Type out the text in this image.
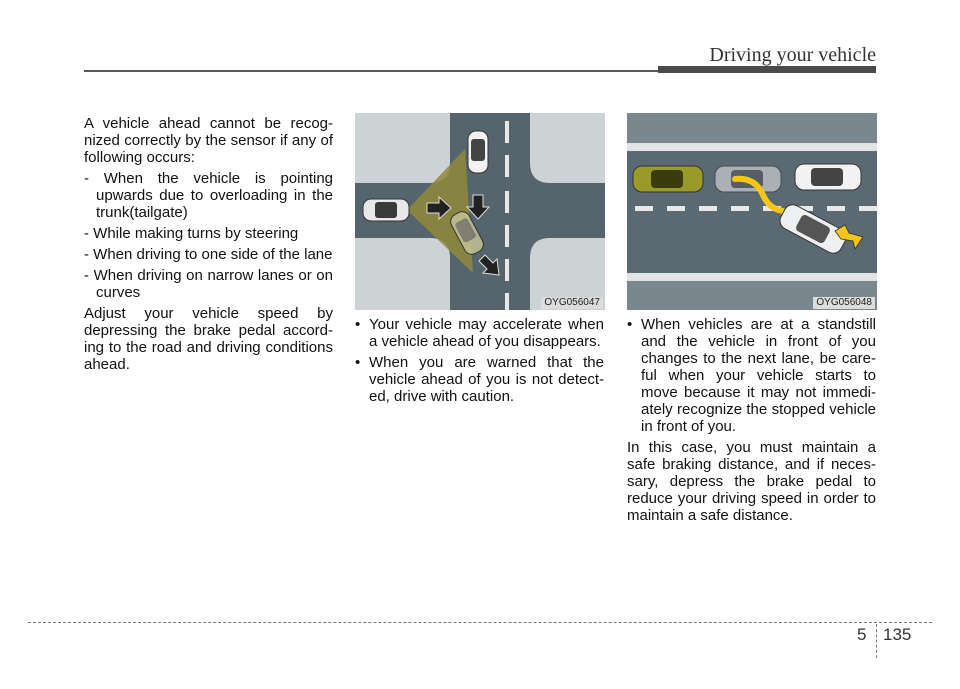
Driving your vehicle

A vehicle ahead cannot be recog-nized correctly by the sensor if any of following occurs:

- When the vehicle is pointing upwards due to overloading in the trunk(tailgate)

- While making turns by steering

- When driving to one side of the lane

- When driving on narrow lanes or on curves

Adjust your vehicle speed by depressing the brake pedal accord-ing to the road and driving conditions ahead.

OYG056047	OYG056048

• Your vehicle may accelerate when a vehicle ahead of you disappears.

• When you are warned that the vehicle ahead of you is not detect-ed, drive with caution.

• When vehicles are at a standstill and the vehicle in front of you changes to the next lane, be care-ful when your vehicle starts to move because it may not immedi-ately recognize the stopped vehicle in front of you.

In this case, you must maintain a safe braking distance, and if neces-sary, depress the brake pedal to reduce your driving speed in order to maintain a safe distance.

5 135
